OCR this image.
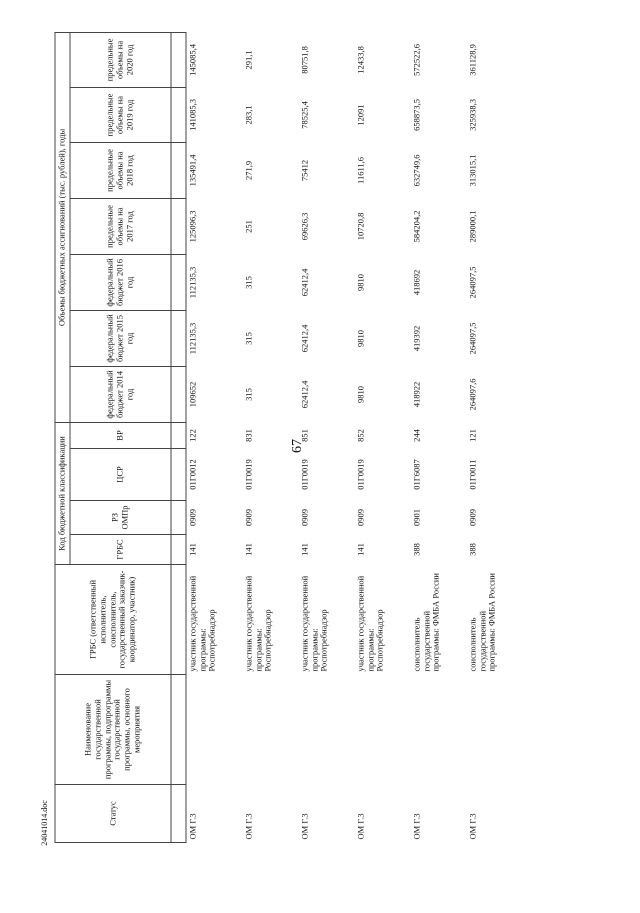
67
Статус	Наименование государственной программы, подпрограммы государственной программы, основного мероприятия	ГРБС (ответственный исполнитель, соисполнитель, государственный заказчик-координатор, участник)	Код бюджетной классификации				Объемы бюджетных ассигнований (тыс. рублей), годы						
			ГРБС	РЗ ОМПр	ЦСР	ВР	федеральный бюджет 2014 год	федеральный бюджет 2015 год	федеральный бюджет 2016 год	предельные объемы на 2017 год	предельные объемы на 2018 год	предельные объемы на 2019 год	предельные объемы на 2020 год

ОМ Г.3		участник государственной программы: Роспотребнадзор	141	0909	01Г0012	122	109652	112135,3	112135,3	125096,3	135491,4	141085,3	145085,4
ОМ Г.3		участник государственной программы: Роспотребнадзор	141	0909	01Г0019	831	315	315	315	251	271,9	283,1	291,1
ОМ Г.3		участник государственной программы: Роспотребнадзор	141	0909	01Г0019	851	62412,4	62412,4	62412,4	69626,3	75412	78525,4	80751,8
ОМ Г.3		участник государственной программы: Роспотребнадзор	141	0909	01Г0019	852	9810	9810	9810	10720,8	11611,6	12091	12433,8
ОМ Г.3		соисполнитель государственной программы: ФМБА России	388	0901	01Г6087	244	418922	419392	418692	584204,2	632749,6	658873,5	572522,6
ОМ Г.3		соисполнитель государственной программы: ФМБА России	388	0909	01Г0011	121	264097,6	264097,5	264097,5	289000,1	313015,1	325938,3	361128,9
24041014.doc
